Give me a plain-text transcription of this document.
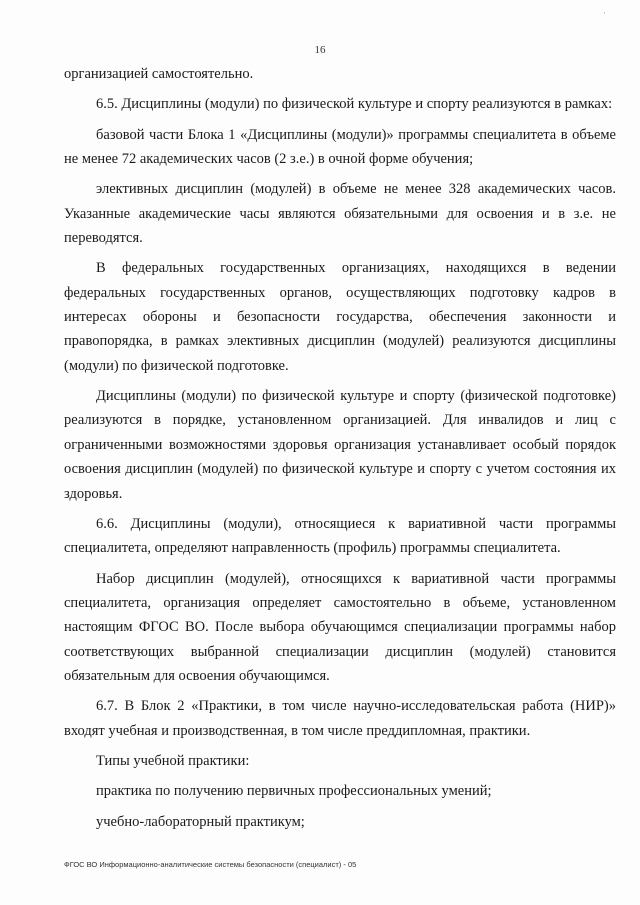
·
16

организацией самостоятельно.

6.5. Дисциплины (модули) по физической культуре и спорту реализуются в рамках:

базовой части Блока 1 «Дисциплины (модули)» программы специалитета в объеме не менее 72 академических часов (2 з.е.) в очной форме обучения;

элективных дисциплин (модулей) в объеме не менее 328 академических часов. Указанные академические часы являются обязательными для освоения и в з.е. не переводятся.

В федеральных государственных организациях, находящихся в ведении федеральных государственных органов, осуществляющих подготовку кадров в интересах обороны и безопасности государства, обеспечения законности и правопорядка, в рамках элективных дисциплин (модулей) реализуются дисциплины (модули) по физической подготовке.

Дисциплины (модули) по физической культуре и спорту (физической подготовке) реализуются в порядке, установленном организацией. Для инвалидов и лиц с ограниченными возможностями здоровья организация устанавливает особый порядок освоения дисциплин (модулей) по физической культуре и спорту с учетом состояния их здоровья.

6.6. Дисциплины (модули), относящиеся к вариативной части программы специалитета, определяют направленность (профиль) программы специалитета.

Набор дисциплин (модулей), относящихся к вариативной части программы специалитета, организация определяет самостоятельно в объеме, установленном настоящим ФГОС ВО. После выбора обучающимся специализации программы набор соответствующих выбранной специализации дисциплин (модулей) становится обязательным для освоения обучающимся.

6.7. В Блок 2 «Практики, в том числе научно-исследовательская работа (НИР)» входят учебная и производственная, в том числе преддипломная, практики.

Типы учебной практики:

практика по получению первичных профессиональных умений;

учебно-лабораторный практикум;

ФГОС ВО Информационно-аналитические системы безопасности (специалист) - 05
